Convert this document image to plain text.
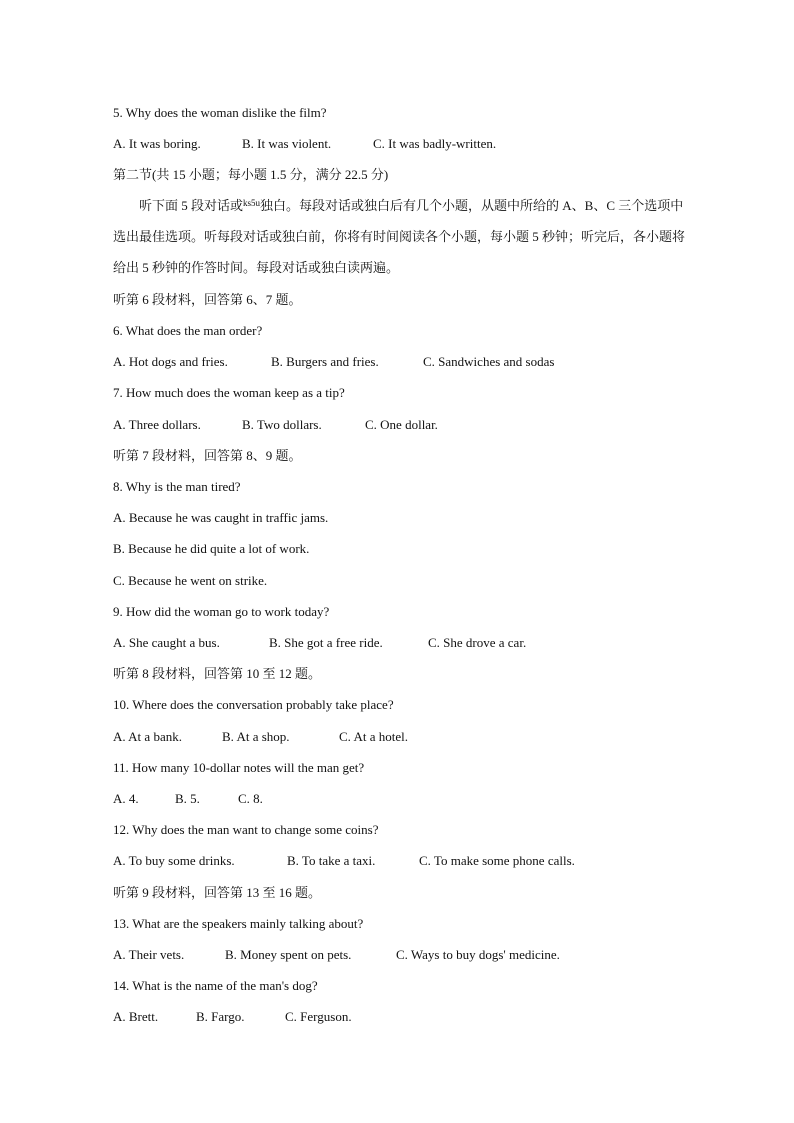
5. Why does the woman dislike the film?
A. It was boring.	B. It was violent.	C. It was badly-written.
第二节(共 15 小题；每小题 1.5 分，满分 22.5 分)
听下面 5 段对话或$^{ks5u}$独白。每段对话或独白后有几个小题，从题中所给的 A、B、C 三个选项中选出最佳选项。听每段对话或独白前，你将有时间阅读各个小题，每小题 5 秒钟；听完后，各小题将给出 5 秒钟的作答时间。每段对话或独白读两遍。
听第 6 段材料，回答第 6、7 题。
6. What does the man order?
A. Hot dogs and fries.	B. Burgers and fries.	C. Sandwiches and sodas
7. How much does the woman keep as a tip?
A. Three dollars.	B. Two dollars.	C. One dollar.
听第 7 段材料，回答第 8、9 题。
8. Why is the man tired?
A. Because he was caught in traffic jams.
B. Because he did quite a lot of work.
C. Because he went on strike.
9. How did the woman go to work today?
A. She caught a bus.	B. She got a free ride.	C. She drove a car.
听第 8 段材料，回答第 10 至 12 题。
10. Where does the conversation probably take place?
A. At a bank.	B. At a shop.	C. At a hotel.
11. How many 10-dollar notes will the man get?
A. 4.	B. 5.	C. 8.
12. Why does the man want to change some coins?
A. To buy some drinks.	B. To take a taxi.	C. To make some phone calls.
听第 9 段材料，回答第 13 至 16 题。
13. What are the speakers mainly talking about?
A. Their vets.	B. Money spent on pets.	C. Ways to buy dogs' medicine.
14. What is the name of the man's dog?
A. Brett.	B. Fargo.	C. Ferguson.
